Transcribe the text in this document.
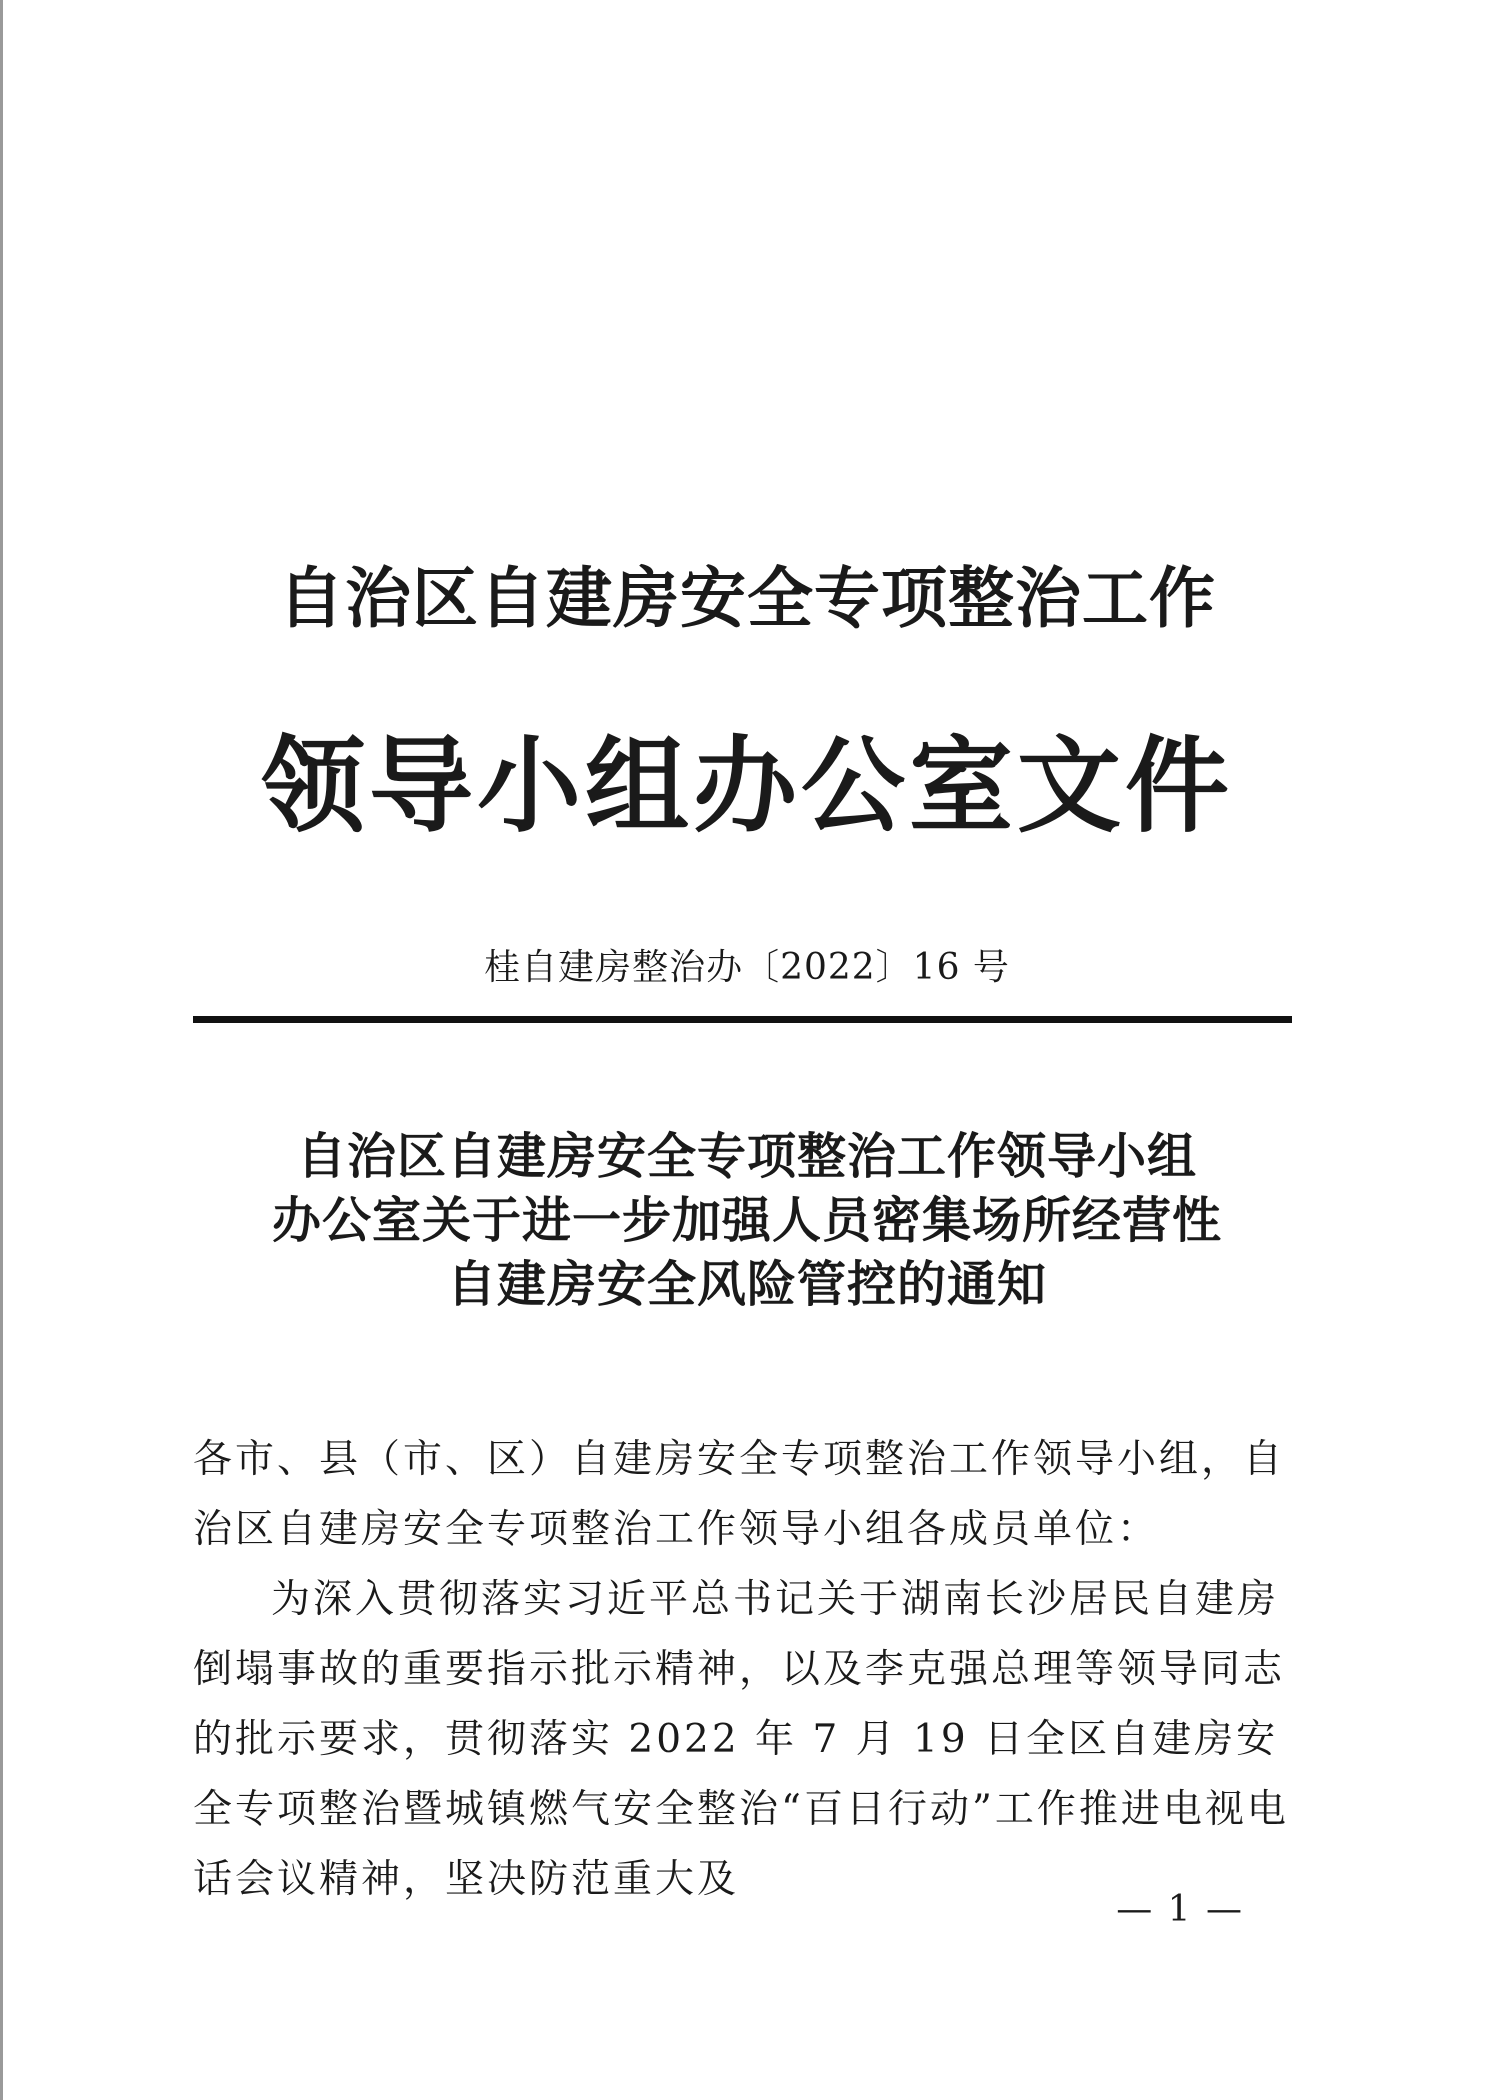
自治区自建房安全专项整治工作
领导小组办公室文件
桂自建房整治办〔2022〕16 号
自治区自建房安全专项整治工作领导小组
办公室关于进一步加强人员密集场所经营性
自建房安全风险管控的通知

各市、县（市、区）自建房安全专项整治工作领导小组，自治区自建房安全专项整治工作领导小组各成员单位：

为深入贯彻落实习近平总书记关于湖南长沙居民自建房倒塌事故的重要指示批示精神，以及李克强总理等领导同志的批示要求，贯彻落实 2022 年 7 月 19 日全区自建房安全专项整治暨城镇燃气安全整治“百日行动”工作推进电视电话会议精神，坚决防范重大及

— 1 —
